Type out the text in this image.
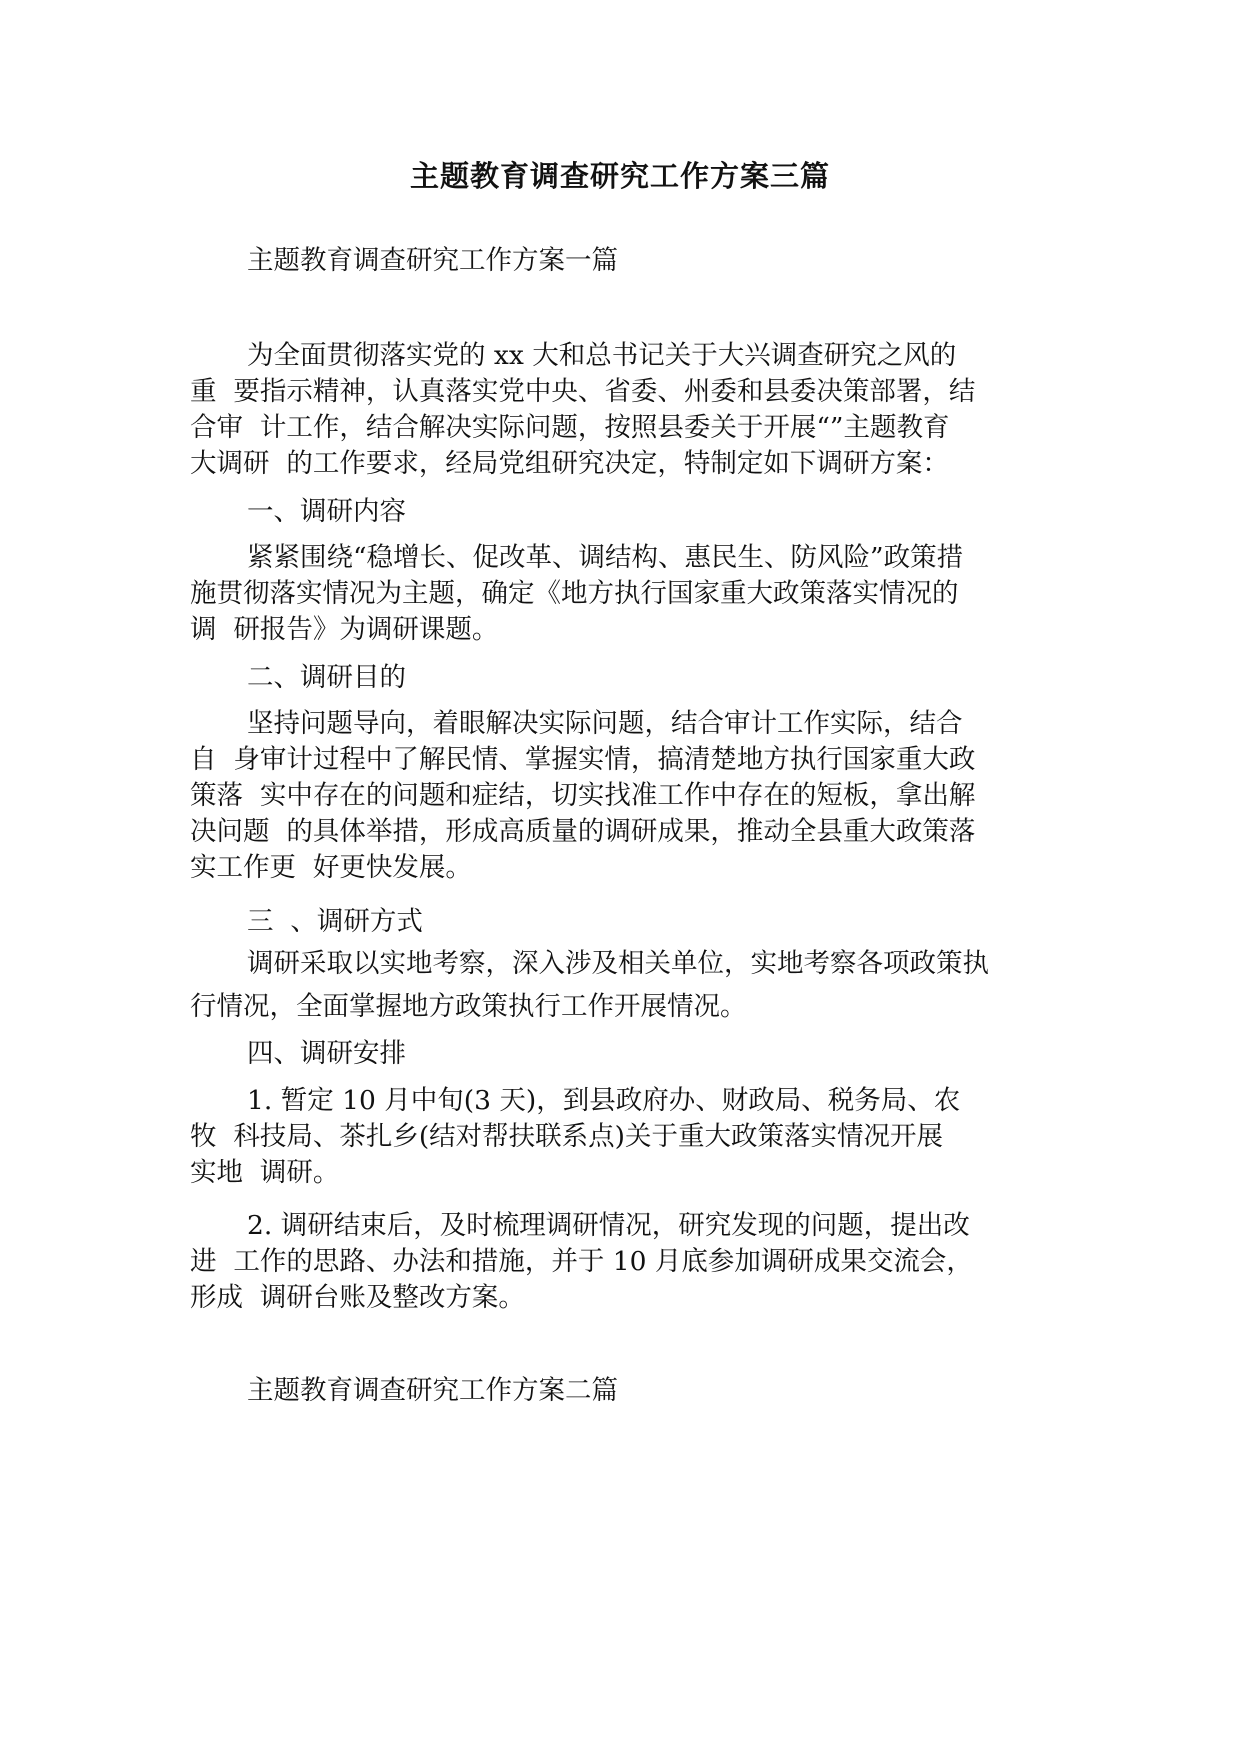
主题教育调查研究工作方案三篇
主题教育调查研究工作方案一篇
为全面贯彻落实党的 xx 大和总书记关于大兴调查研究之风的
重  要指示精神，认真落实党中央、省委、州委和县委决策部署，结
合审  计工作，结合解决实际问题，按照县委关于开展“”主题教育
大调研  的工作要求，经局党组研究决定，特制定如下调研方案：
一、调研内容
紧紧围绕“稳增长、促改革、调结构、惠民生、防风险”政策措
施贯彻落实情况为主题，确定《地方执行国家重大政策落实情况的
调  研报告》为调研课题。
二、调研目的
坚持问题导向，着眼解决实际问题，结合审计工作实际，结合
自  身审计过程中了解民情、掌握实情，搞清楚地方执行国家重大政
策落  实中存在的问题和症结，切实找准工作中存在的短板，拿出解
决问题  的具体举措，形成高质量的调研成果，推动全县重大政策落
实工作更  好更快发展。
三  、调研方式
调研采取以实地考察，深入涉及相关单位，实地考察各项政策执
行情况，全面掌握地方政策执行工作开展情况。
四、调研安排
1. 暂定 10 月中旬(3 天)，到县政府办、财政局、税务局、农
牧  科技局、茶扎乡(结对帮扶联系点)关于重大政策落实情况开展
实地  调研。
2. 调研结束后，及时梳理调研情况，研究发现的问题，提出改
进  工作的思路、办法和措施，并于 10 月底参加调研成果交流会，
形成  调研台账及整改方案。
主题教育调查研究工作方案二篇
